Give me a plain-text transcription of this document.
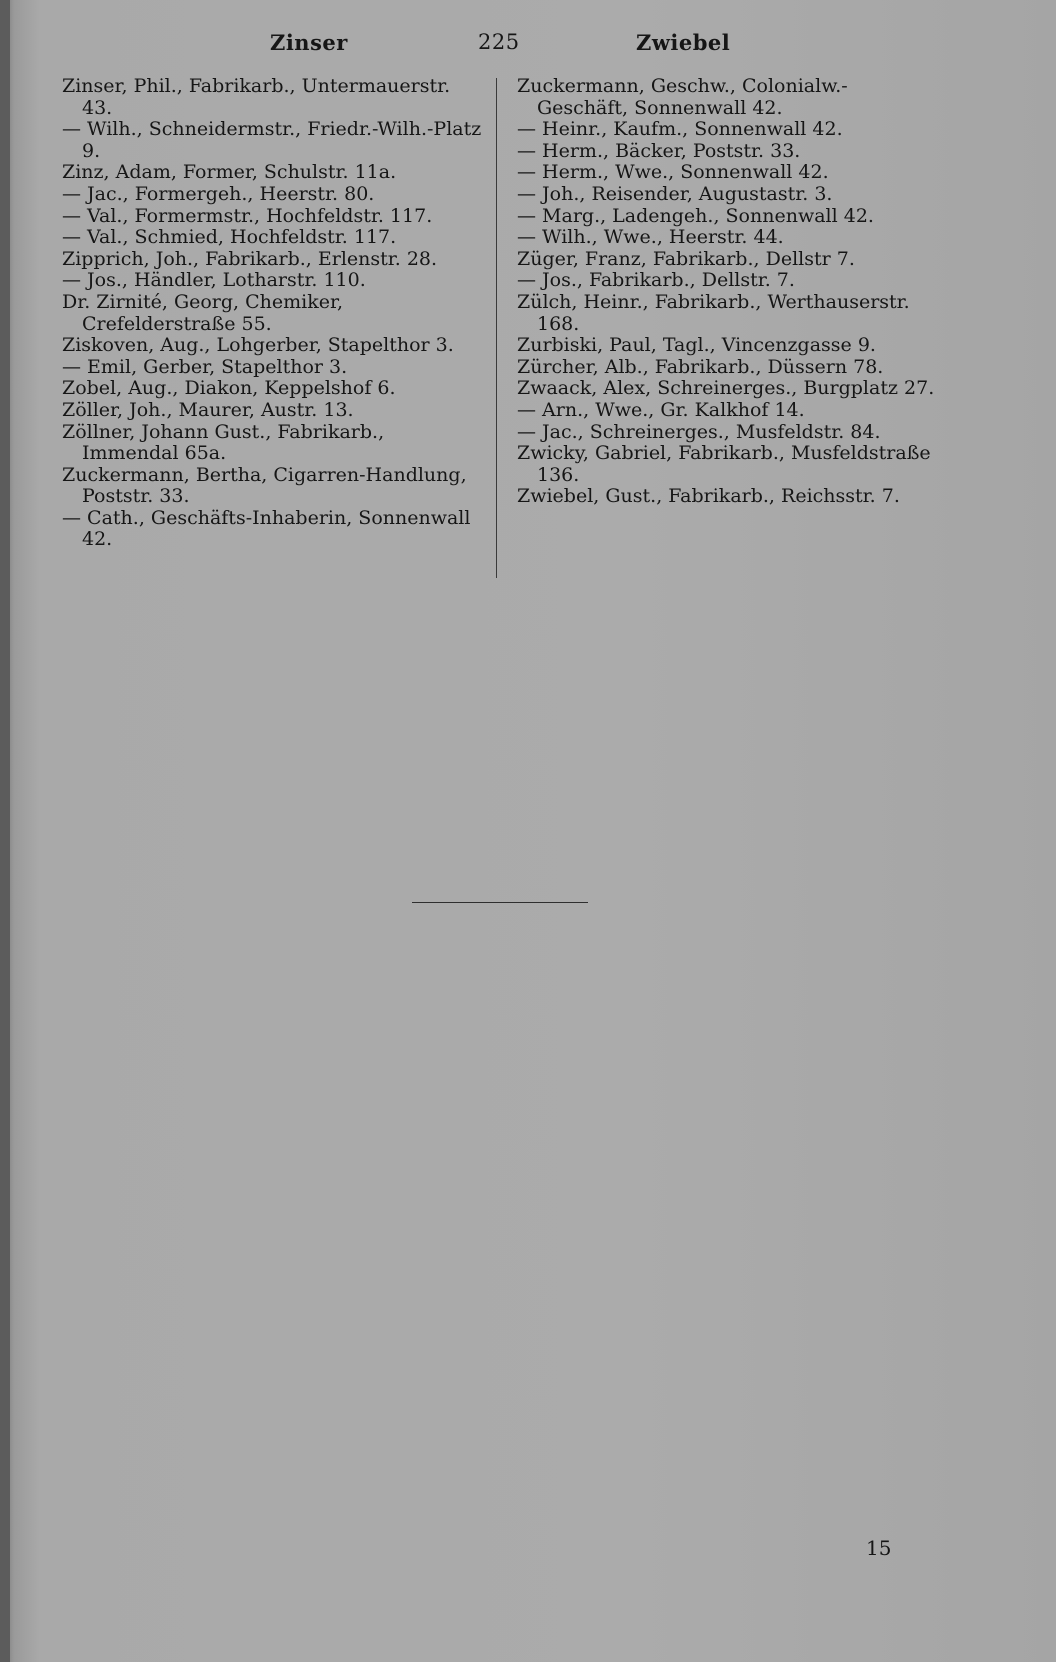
Zinser	225	Zwiebel
Zinser, Phil., Fabrikarb., Untermauerstr. 43.
— Wilh., Schneidermstr., Friedr.-Wilh.-Platz 9.
Zinz, Adam, Former, Schulstr. 11a.
— Jac., Formergeh., Heerstr. 80.
— Val., Formermstr., Hochfeldstr. 117.
— Val., Schmied, Hochfeldstr. 117.
Zipprich, Joh., Fabrikarb., Erlenstr. 28.
— Jos., Händler, Lotharstr. 110.
Dr. Zirnité, Georg, Chemiker, Crefelderstraße 55.
Ziskoven, Aug., Lohgerber, Stapelthor 3.
— Emil, Gerber, Stapelthor 3.
Zobel, Aug., Diakon, Keppelshof 6.
Zöller, Joh., Maurer, Austr. 13.
Zöllner, Johann Gust., Fabrikarb., Immendal 65a.
Zuckermann, Bertha, Cigarren-Handlung, Poststr. 33.
— Cath., Geschäfts-Inhaberin, Sonnenwall 42.
Zuckermann, Geschw., Colonialw.-Geschäft, Sonnenwall 42.
— Heinr., Kaufm., Sonnenwall 42.
— Herm., Bäcker, Poststr. 33.
— Herm., Wwe., Sonnenwall 42.
— Joh., Reisender, Augustastr. 3.
— Marg., Ladengeh., Sonnenwall 42.
— Wilh., Wwe., Heerstr. 44.
Züger, Franz, Fabrikarb., Dellstr 7.
— Jos., Fabrikarb., Dellstr. 7.
Zülch, Heinr., Fabrikarb., Werthauserstr. 168.
Zurbiski, Paul, Tagl., Vincenzgasse 9.
Zürcher, Alb., Fabrikarb., Düssern 78.
Zwaack, Alex, Schreinerges., Burgplatz 27.
— Arn., Wwe., Gr. Kalkhof 14.
— Jac., Schreinerges., Musfeldstr. 84.
Zwicky, Gabriel, Fabrikarb., Musfeldstraße 136.
Zwiebel, Gust., Fabrikarb., Reichsstr. 7.
15
